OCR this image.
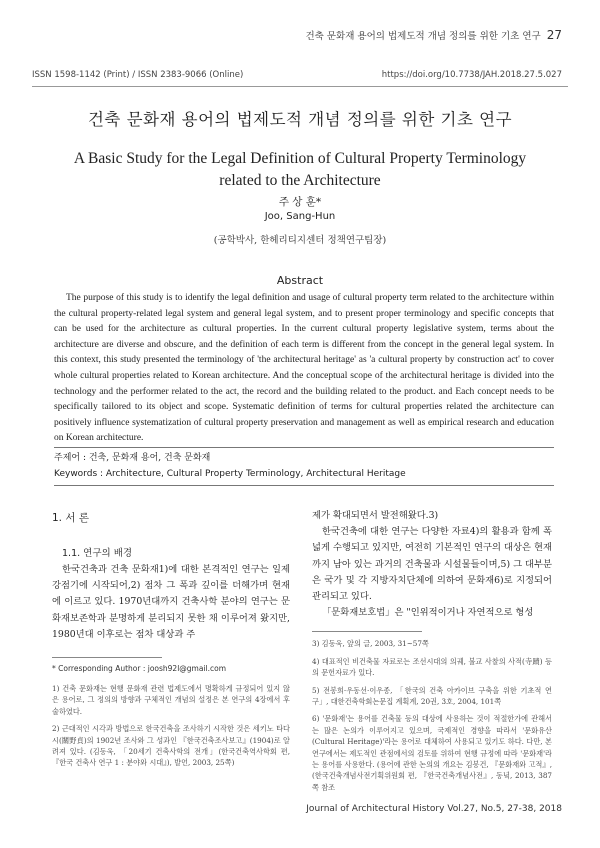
건축 문화재 용어의 법제도적 개념 정의를 위한 기초 연구 27
ISSN 1598-1142 (Print) / ISSN 2383-9066 (Online)	https://doi.org/10.7738/JAH.2018.27.5.027
건축 문화재 용어의 법제도적 개념 정의를 위한 기초 연구
A Basic Study for the Legal Definition of Cultural Property Terminology
related to the Architecture
주 상 훈*
Joo, Sang-Hun
(공학박사, 한헤리티지센터 정책연구팀장)
Abstract
The purpose of this study is to identify the legal definition and usage of cultural property term related to the architecture within the cultural property-related legal system and general legal system, and to present proper terminology and specific concepts that can be used for the architecture as cultural properties. In the current cultural property legislative system, terms about the architecture are diverse and obscure, and the definition of each term is different from the concept in the general legal system. In this context, this study presented the terminology of 'the architectural heritage' as 'a cultural property by construction act' to cover whole cultural properties related to Korean architecture. And the conceptual scope of the architectural heritage is divided into the technology and the performer related to the act, the record and the building related to the product. and Each concept needs to be specifically tailored to its object and scope. Systematic definition of terms for cultural properties related the architecture can positively influence systematization of cultural property preservation and management as well as empirical research and education on Korean architecture.
주제어 : 건축, 문화재 용어, 건축 문화재
Keywords : Architecture, Cultural Property Terminology, Architectural Heritage
1. 서 론
1.1. 연구의 배경
한국건축과 건축 문화재1)에 대한 본격적인 연구는 일제강점기에 시작되어,2) 점차 그 폭과 깊이를 더해가며 현재에 이르고 있다. 1970년대까지 건축사학 분야의 연구는 문화재보존학과 분명하게 분리되지 못한 채 이루어져 왔지만, 1980년대 이후로는 점차 대상과 주
* Corresponding Author : joosh92l@gmail.com
1) 건축 문화재는 현행 문화재 관련 법제도에서 명확하게 규정되어 있지 않은 용어로, 그 정의의 방향과 구체적인 개념의 설정은 본 연구의 4장에서 후술하였다.
2) 근대적인 시각과 방법으로 한국건축을 조사하기 시작한 것은 세키노 타다시(關野貞)의 1902년 조사와 그 성과인 『한국건축조사보고』(1904)로 알려져 있다. (김동욱, 「20세기 건축사학의 전개」(한국건축역사학회 편, 『한국 건축사 연구 1 : 분야와 시대』), 발언, 2003, 25쪽)
제가 확대되면서 발전해왔다.3)
한국건축에 대한 연구는 다양한 자료4)의 활용과 함께 폭넓게 수행되고 있지만, 여전히 기본적인 연구의 대상은 현재까지 남아 있는 과거의 건축물과 시설물들이며,5) 그 대부분은 국가 및 각 지방자치단체에 의하여 문화재6)로 지정되어 관리되고 있다.
「문화재보호법」은 "인위적이거나 자연적으로 형성
3) 김동욱, 앞의 글, 2003, 31~57쪽
4) 대표적인 비건축물 자료로는 조선시대의 의궤, 불교 사찰의 사적(寺蹟) 등의 문헌자료가 있다.
5) 전봉희·우동선·이우종, 「한국의 건축 아카이브 구축을 위한 기초적 연구」, 대한건축학회논문집 계획계, 20권, 3호, 2004, 101쪽
6) '문화재'는 용어를 건축물 등의 대상에 사용하는 것이 적절한가에 관해서는 많은 논의가 이루어지고 있으며, 국제적인 경향을 따라서 '문화유산(Cultural Heritage)'라는 용어로 대체하여 사용되고 있기도 하다. 다만, 본 연구에서는 제도적인 관점에서의 검토를 위하여 현행 규정에 따라 '문화재'라는 용어를 사용한다. (용어에 관한 논의의 개요는 김봉건, 『문화재와 고적』, (한국건축개념사전기획위원회 편, 『한국건축개념사전』, 동녘, 2013, 387쪽 참조
Journal of Architectural History Vol.27, No.5, 27-38, 2018
